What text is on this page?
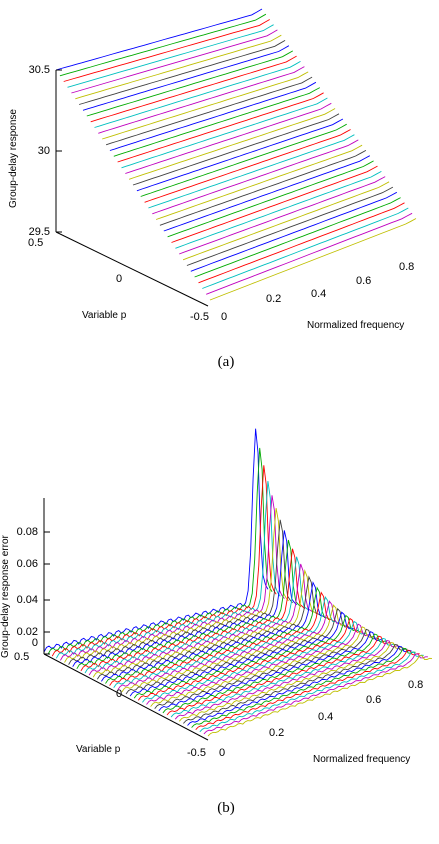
30.5
30
29.5
0.5
0
-0.5 0
0.2	0.4
0.6
0.8
Group-delay response
Variable p
Normalized frequency
(a)
0.08
0.06
0.04
0.02
0
0.5
0
-0.5 0
0.2
0.4
0.6
0.8
Group-delay response error
Variable p
Normalized frequency
(b)
